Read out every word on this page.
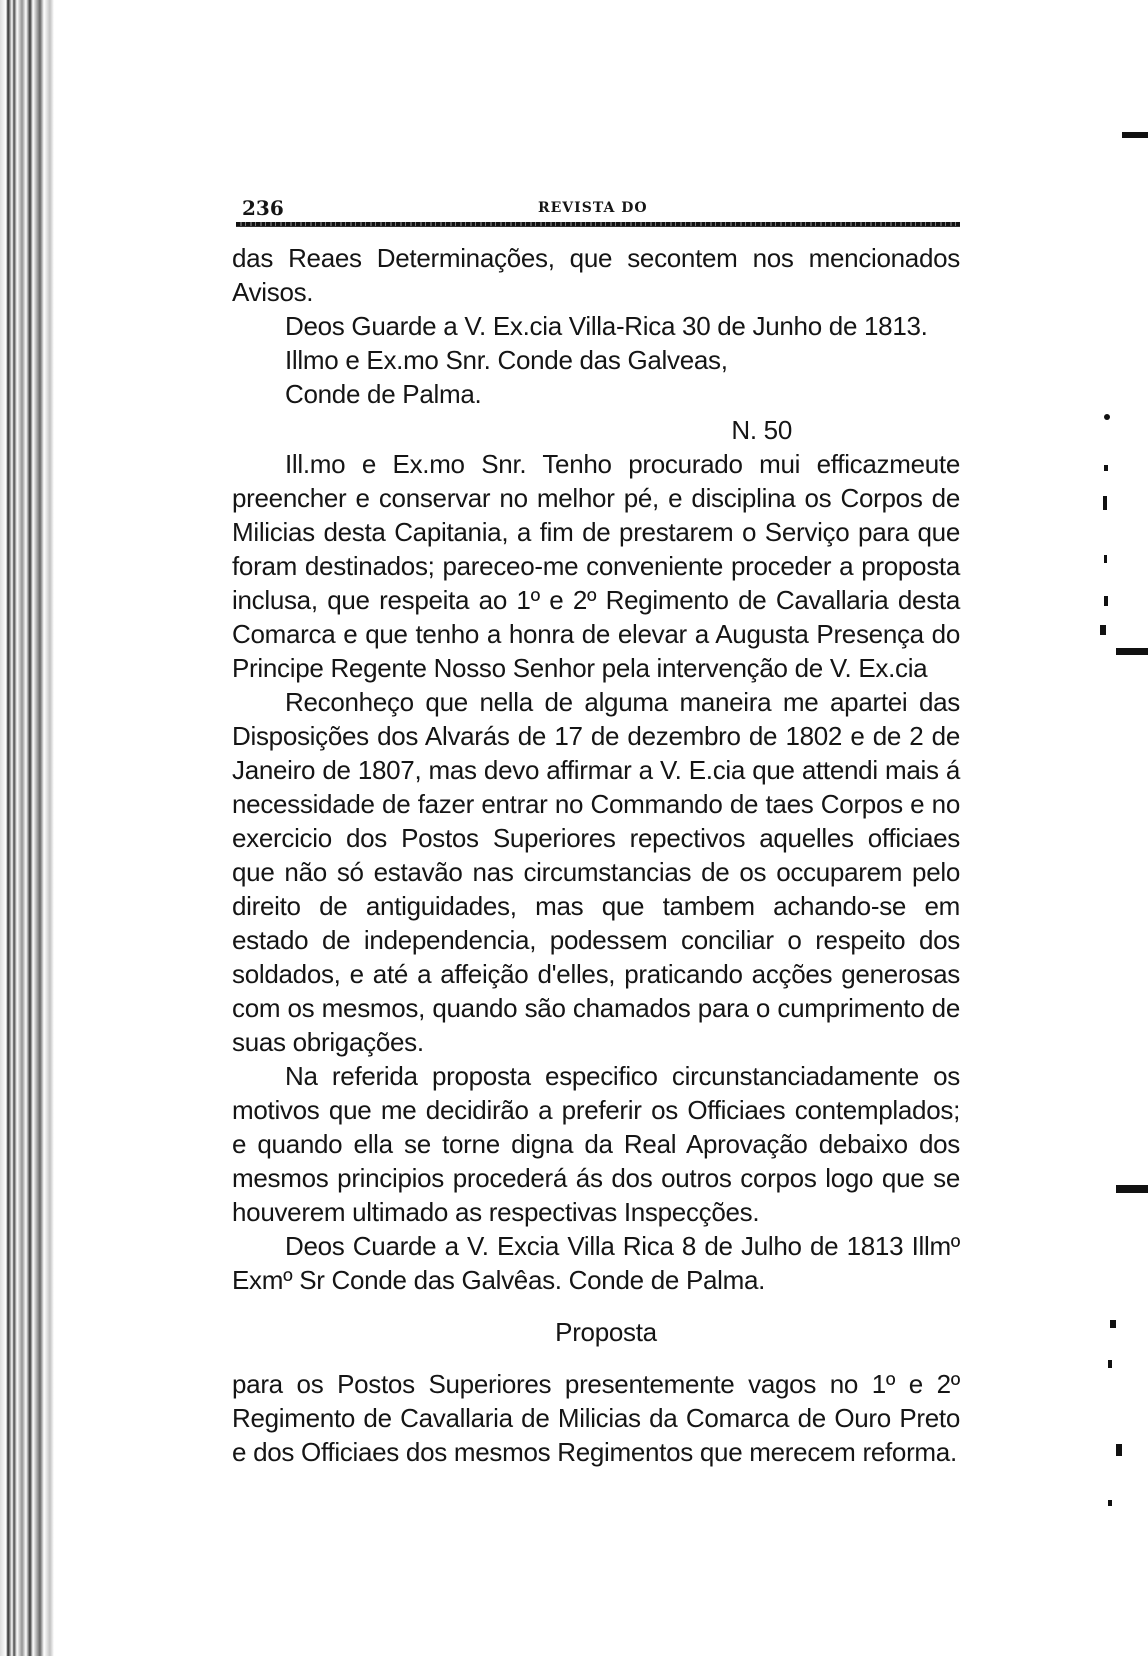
236	REVISTA DO

das Reaes Determinações, que secontem nos mencionados Avisos.

Deos Guarde a V. Ex.cia Villa-Rica 30 de Junho de 1813.

Illmo e Ex.mo Snr. Conde das Galveas,

Conde de Palma.

N. 50

Ill.mo e Ex.mo Snr. Tenho procurado mui efficazmeute preencher e conservar no melhor pé, e disciplina os Corpos de Milicias desta Capitania, a fim de prestarem o Serviço para que foram destinados; pareceo-me conveniente proceder a proposta inclusa, que respeita ao 1º e 2º Regimento de Cavallaria desta Comarca e que tenho a honra de elevar a Augusta Presença do Principe Regente Nosso Senhor pela intervenção de V. Ex.cia

Reconheço que nella de alguma maneira me apartei das Disposições dos Alvarás de 17 de dezembro de 1802 e de 2 de Janeiro de 1807, mas devo affirmar a V. E.cia que attendi mais á necessidade de fazer entrar no Commando de taes Corpos e no exercicio dos Postos Superiores repectivos aquelles officiaes que não só estavão nas circumstancias de os occuparem pelo direito de antiguidades, mas que tambem achando-se em estado de independencia, podessem conciliar o respeito dos soldados, e até a affeição d'elles, praticando acções generosas com os mesmos, quando são chamados para o cumprimento de suas obrigações.

Na referida proposta especifico circunstanciadamente os motivos que me decidirão a preferir os Officiaes contemplados; e quando ella se torne digna da Real Aprovação debaixo dos mesmos principios procederá ás dos outros corpos logo que se houverem ultimado as respectivas Inspecções.

Deos Cuarde a V. Excia Villa Rica 8 de Julho de 1813 Illmº Exmº Sr Conde das Galvêas. Conde de Palma.

Proposta

para os Postos Superiores presentemente vagos no 1º e 2º Regimento de Cavallaria de Milicias da Comarca de Ouro Preto e dos Officiaes dos mesmos Regimentos que merecem reforma.
